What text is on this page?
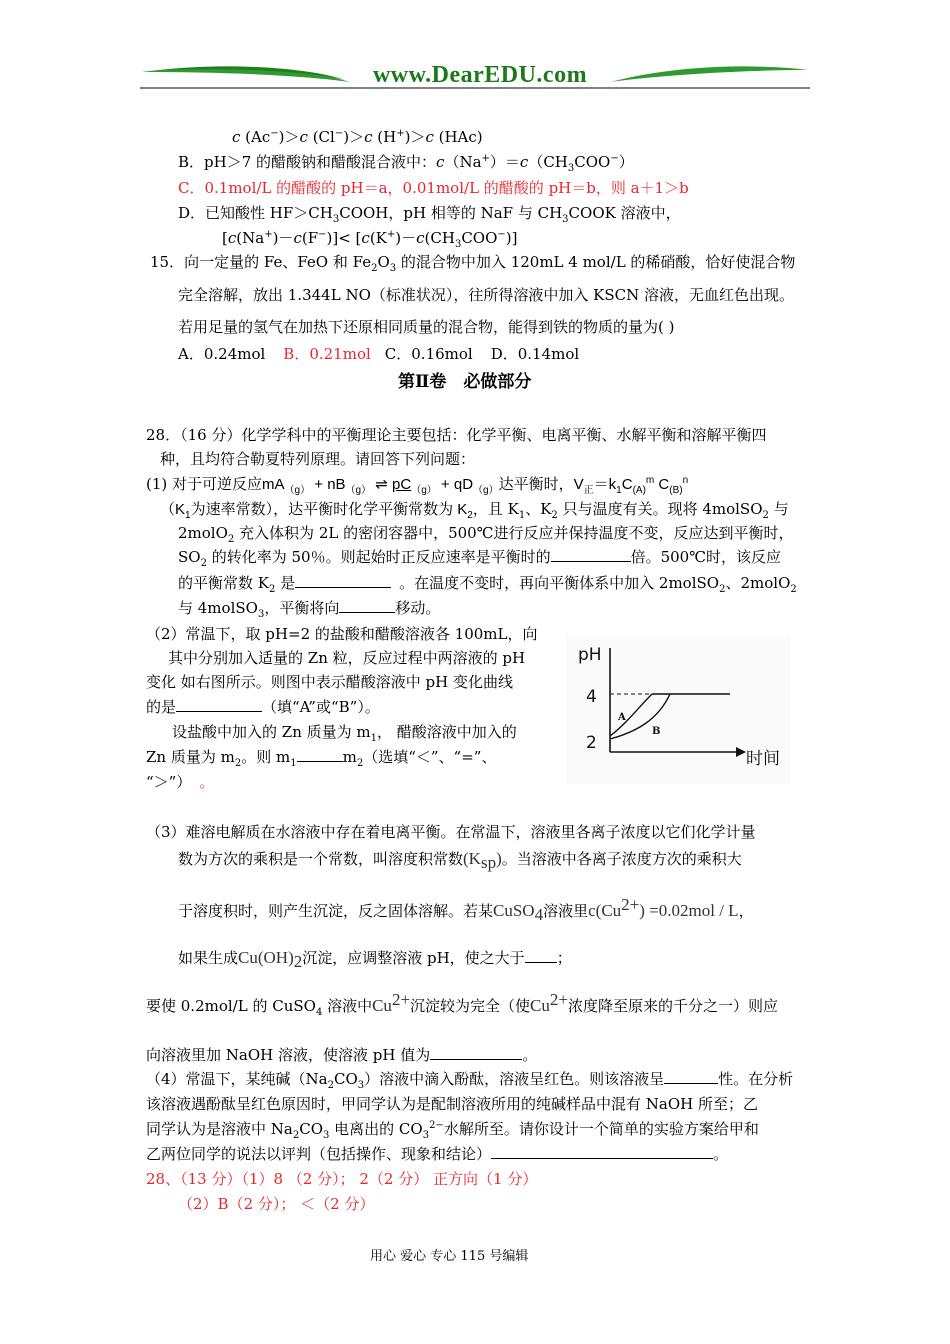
www.DearEDU.com
c (Ac−)＞c (Cl−)＞c (H+)＞c (HAc)
B．pH＞7 的醋酸钠和醋酸混合液中：$c(Na^+)=c(CH_3COO^-)$
C．0.1mol/L 的醋酸的 pH＝a，0.01mol/L 的醋酸的 pH＝b，则 a＋1＞b
D．已知酸性 $HF>CH_3COOH$，pH 相等的 NaF 与 $CH_3COOK$ 溶液中，
$[c(Na^+)-c(F^-)]< [c(K^+)-c(CH_3COO^-)]$
15．向一定量的 Fe、FeO 和 $Fe_2O_3$ 的混合物中加入 120mL 4 mol/L 的稀硝酸，恰好使混合物
完全溶解，放出 1.344L NO（标准状况），往所得溶液中加入 KSCN 溶液，无血红色出现。
若用足量的氢气在加热下还原相同质量的混合物，能得到铁的物质的量为( )
A．0.24mol B．0.21mol C．0.16mol D．0.14mol
第Ⅱ卷　必做部分
28．（16 分）化学学科中的平衡理论主要包括：化学平衡、电离平衡、水解平衡和溶解平衡四
种，且均符合勒夏特列原理。请回答下列问题：
(1) 对于可逆反应$mA_{(g)} + nB_{(g)}$ ⇌ $pC_{(g)} + qD_{(g)}$达平衡时，$V_正=k_1C_{(A)}^m$ $C_{(B)}^n$
（$K_1$为速率常数），达平衡时化学平衡常数为 $K_2$，且 $K_1$、$K_2$ 只与温度有关。现将 4molSO$_2$ 与
2molO$_2$ 充入体积为 2L 的密闭容器中，500℃进行反应并保持温度不变，反应达到平衡时，
$SO_2$ 的转化率为 50％。则起始时正反应速率是平衡时的	倍。500℃时，该反应
的平衡常数 $K_2$ 是	。在温度不变时，再向平衡体系中加入 2molSO$_2$、2molO$_2$
与 4molSO$_3$，平衡将向	移动。
（2）常温下，取 pH=2 的盐酸和醋酸溶液各 100mL，向
其中分别加入适量的 Zn 粒，反应过程中两溶液的 pH
变化 如右图所示。则图中表示醋酸溶液中 pH 变化曲线
的是	（填“A”或“B”）。
设盐酸中加入的 Zn 质量为 $m_1$， 醋酸溶液中加入的
Zn 质量为 $m_2$。则 $m_1$	$m_2$（选填“＜”、“=”、
“＞”） 。
pH
4
2
A
B
时间
（3）难溶电解质在水溶液中存在着电离平衡。在常温下，溶液里各离子浓度以它们化学计量
数为方次的乘积是一个常数，叫溶度积常数$(K_{sp})$。当溶液中各离子浓度方次的乘积大
于溶度积时，则产生沉淀，反之固体溶解。若某CuSO$_4$溶液里$c(Cu^{2+}) =0.02mol / L$，
如果生成$Cu(OH)_2$沉淀，应调整溶液 pH，使之大于 ；
要使 0.2mol/L 的 CuSO$_4$ 溶液中$Cu^{2+}$沉淀较为完全（使$Cu^{2+}$浓度降至原来的千分之一）则应
向溶液里加 NaOH 溶液，使溶液 pH 值为	。
（4）常温下，某纯碱$(Na_2CO_3)$溶液中滴入酚酞，溶液呈红色。则该溶液呈	性。在分析
该溶液遇酚酞呈红色原因时，甲同学认为是配制溶液所用的纯碱样品中混有 NaOH 所至；乙
同学认为是溶液中 $Na_2CO_3$ 电离出的 $CO_3^{2-}$水解所至。请你设计一个简单的实验方案给甲和
乙两位同学的说法以评判（包括操作、现象和结论）	。
28、（13 分）（1）8 （2 分）； 2（2 分） 正方向（1 分）
（2）B（2 分）； ＜（2 分）
用心 爱心 专心 115 号编辑
